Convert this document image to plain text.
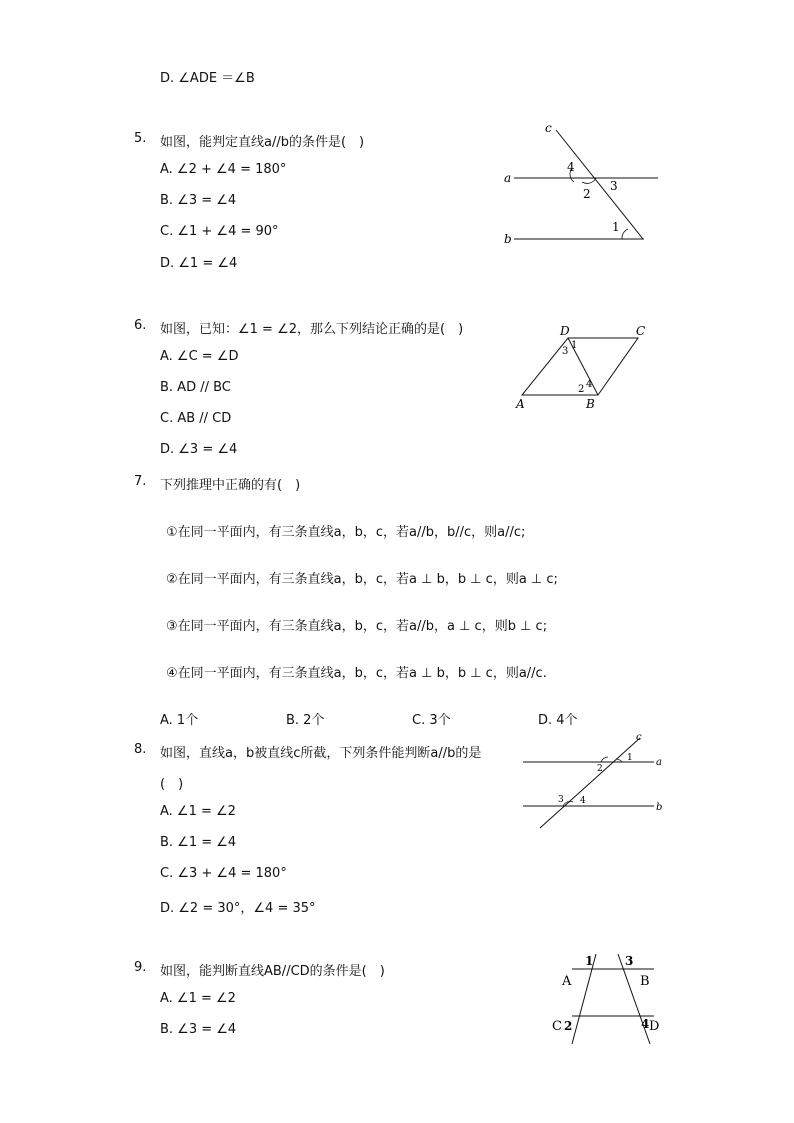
D. ∠ADE ＝∠B
5. 如图，能判定直线a//b的条件是(　)
A. ∠2 + ∠4 = 180°
B. ∠3 = ∠4
C. ∠1 + ∠4 = 90°
D. ∠1 = ∠4
c
a
b
4
2
3
1
6. 如图，已知：∠1 = ∠2，那么下列结论正确的是(　)
A. ∠C = ∠D
B. AD // BC
C. AB // CD
D. ∠3 = ∠4
D	C
A	B
1
3
2 4
7. 下列推理中正确的有(　)
①在同一平面内，有三条直线a，b，c，若a//b，b//c，则a//c;
②在同一平面内，有三条直线a，b，c，若a ⊥ b，b ⊥ c，则a ⊥ c;
③在同一平面内，有三条直线a，b，c，若a//b，a ⊥ c，则b ⊥ c;
④在同一平面内，有三条直线a，b，c，若a ⊥ b，b ⊥ c，则a//c.
A. 1个	B. 2个	C. 3个	D. 4个
8. 如图，直线a，b被直线c所截，下列条件能判断a//b的是
(　)
A. ∠1 = ∠2
B. ∠1 = ∠4
C. ∠3 + ∠4 = 180°
D. ∠2 = 30°，∠4 = 35°
c
a
b
1
2
3 4
9. 如图，能判断直线AB//CD的条件是(　)
A. ∠1 = ∠2
B. ∠3 = ∠4
A	B
C	D
1	3
2	4
